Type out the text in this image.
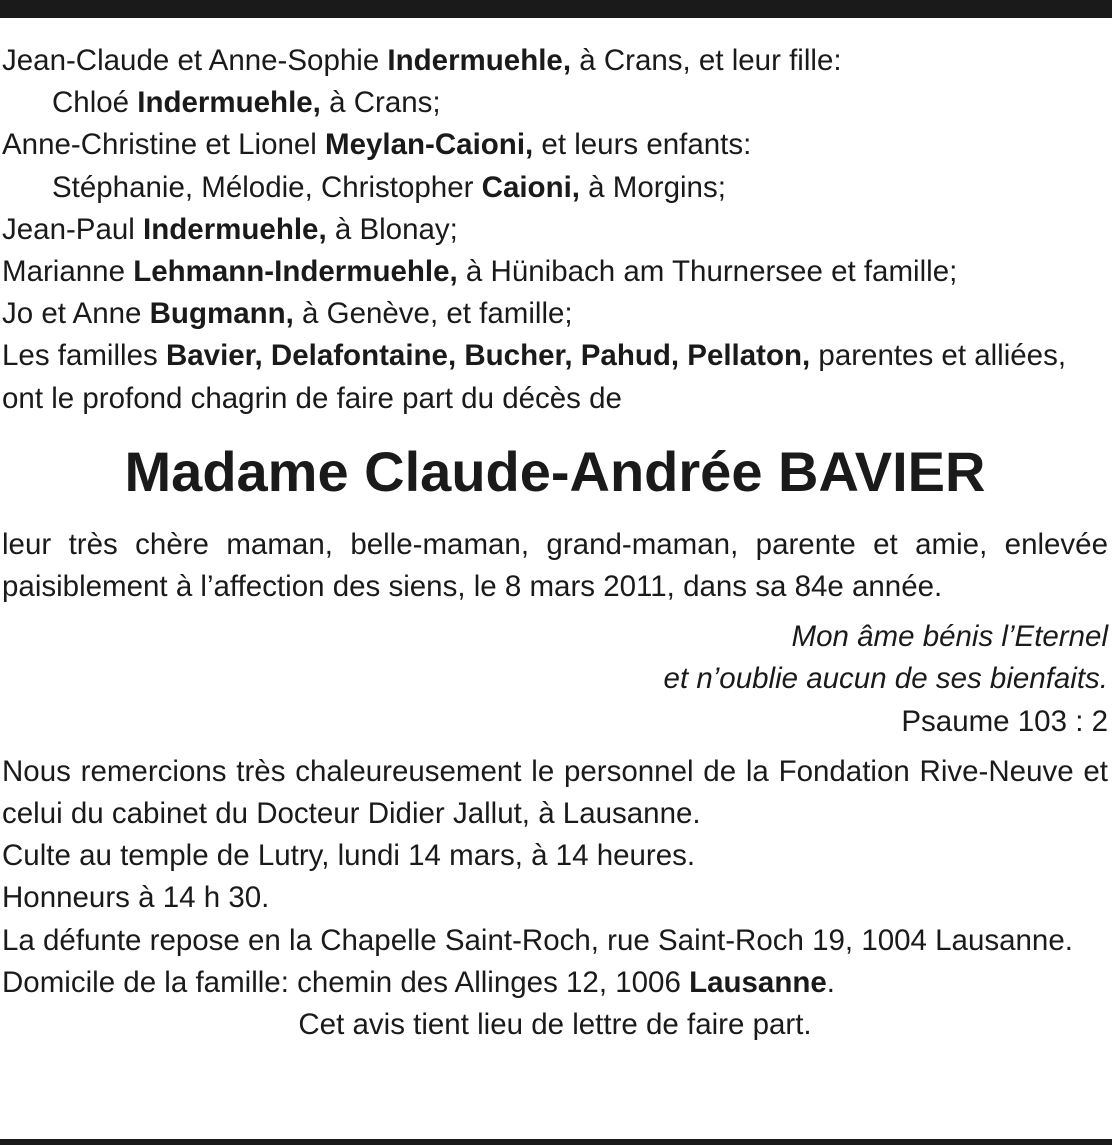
Jean-Claude et Anne-Sophie Indermuehle, à Crans, et leur fille:
Chloé Indermuehle, à Crans;
Anne-Christine et Lionel Meylan-Caioni, et leurs enfants:
Stéphanie, Mélodie, Christopher Caioni, à Morgins;
Jean-Paul Indermuehle, à Blonay;
Marianne Lehmann-Indermuehle, à Hünibach am Thurnersee et famille;
Jo et Anne Bugmann, à Genève, et famille;
Les familles Bavier, Delafontaine, Bucher, Pahud, Pellaton, parentes et alliées,
ont le profond chagrin de faire part du décès de
Madame Claude-Andrée BAVIER
leur très chère maman, belle-maman, grand-maman, parente et amie, enlevée paisiblement à l’affection des siens, le 8 mars 2011, dans sa 84e année.
Mon âme bénis l’Eternel
et n’oublie aucun de ses bienfaits.
Psaume 103 : 2
Nous remercions très chaleureusement le personnel de la Fondation Rive-Neuve et celui du cabinet du Docteur Didier Jallut, à Lausanne.
Culte au temple de Lutry, lundi 14 mars, à 14 heures.
Honneurs à 14 h 30.
La défunte repose en la Chapelle Saint-Roch, rue Saint-Roch 19, 1004 Lausanne.
Domicile de la famille: chemin des Allinges 12, 1006 Lausanne.
Cet avis tient lieu de lettre de faire part.
